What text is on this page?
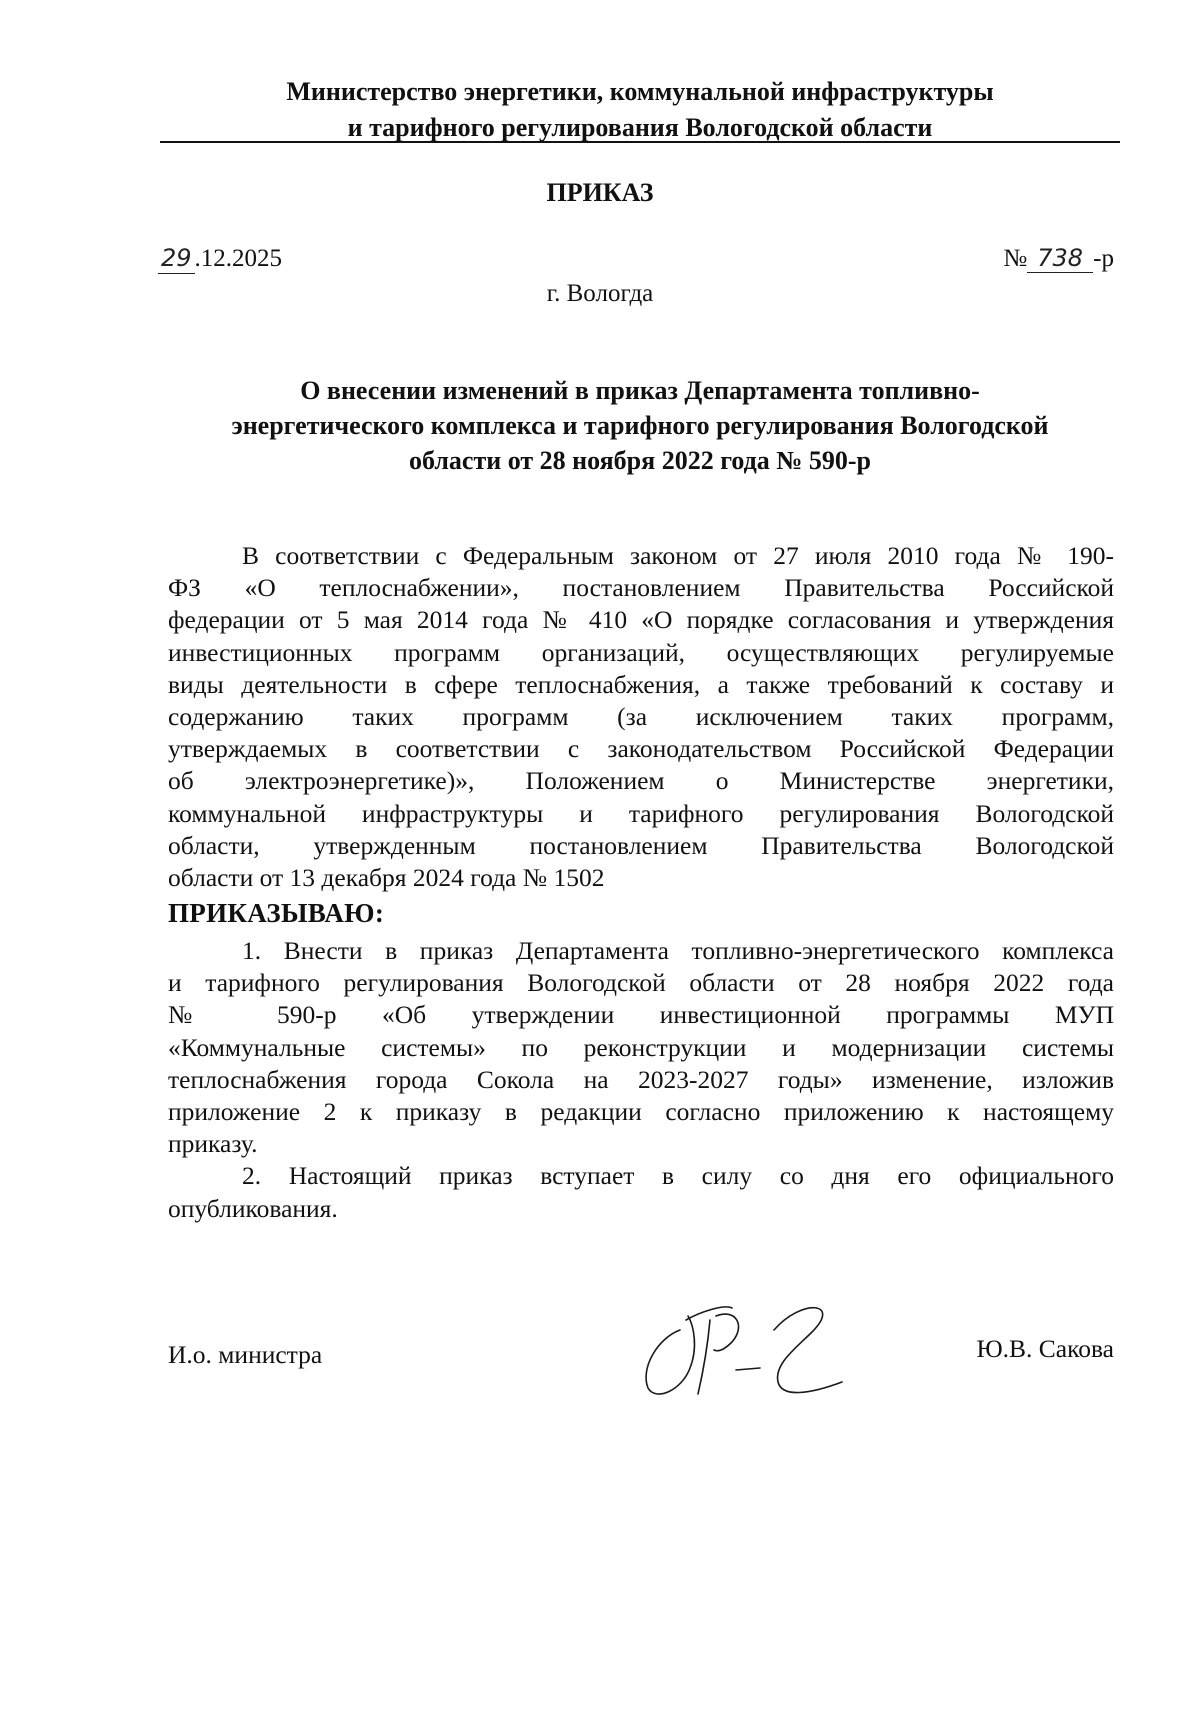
Министерство энергетики, коммунальной инфраструктуры
и тарифного регулирования Вологодской области
ПРИКАЗ
29 .12.2025	№ 738 -р
г. Вологда
О внесении изменений в приказ Департамента топливно-
энергетического комплекса и тарифного регулирования Вологодской
области от 28 ноября 2022 года № 590-р
В соответствии с Федеральным законом от 27 июля 2010 года № 190-
ФЗ «О теплоснабжении», постановлением Правительства Российской
федерации от 5 мая 2014 года № 410 «О порядке согласования и утверждения
инвестиционных программ организаций, осуществляющих регулируемые
виды деятельности в сфере теплоснабжения, а также требований к составу и
содержанию таких программ (за исключением таких программ,
утверждаемых в соответствии с законодательством Российской Федерации
об электроэнергетике)», Положением о Министерстве энергетики,
коммунальной инфраструктуры и тарифного регулирования Вологодской
области, утвержденным постановлением Правительства Вологодской
области от 13 декабря 2024 года № 1502
ПРИКАЗЫВАЮ:
1. Внести в приказ Департамента топливно-энергетического комплекса
и тарифного регулирования Вологодской области от 28 ноября 2022 года
№ 590-р «Об утверждении инвестиционной программы МУП
«Коммунальные системы» по реконструкции и модернизации системы
теплоснабжения города Сокола на 2023-2027 годы» изменение, изложив
приложение 2 к приказу в редакции согласно приложению к настоящему
приказу.
2. Настоящий приказ вступает в силу со дня его официального
опубликования.
И.о. министра	Ю.В. Сакова
